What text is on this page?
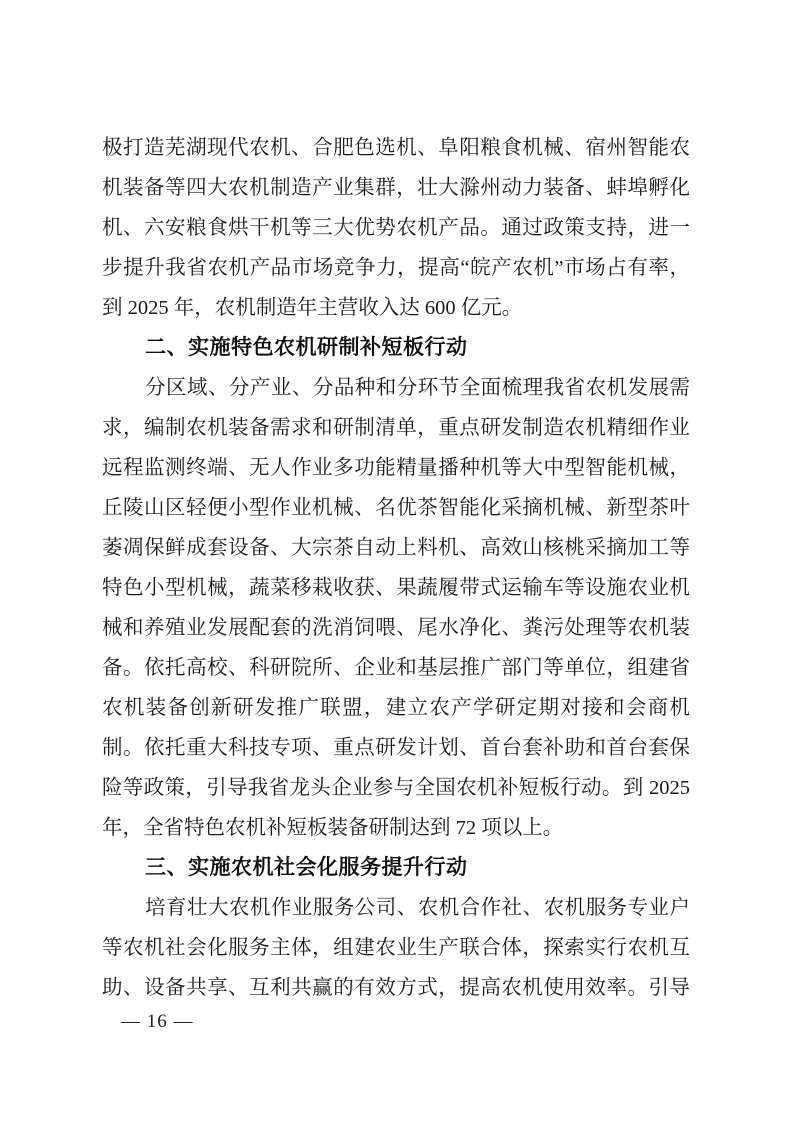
极打造芜湖现代农机、合肥色选机、阜阳粮食机械、宿州智能农
机装备等四大农机制造产业集群，壮大滁州动力装备、蚌埠孵化
机、六安粮食烘干机等三大优势农机产品。通过政策支持，进一
步提升我省农机产品市场竞争力，提高“皖产农机”市场占有率，
到 2025 年，农机制造年主营收入达 600 亿元。
二、实施特色农机研制补短板行动
分区域、分产业、分品种和分环节全面梳理我省农机发展需
求，编制农机装备需求和研制清单，重点研发制造农机精细作业
远程监测终端、无人作业多功能精量播种机等大中型智能机械，
丘陵山区轻便小型作业机械、名优茶智能化采摘机械、新型茶叶
萎凋保鲜成套设备、大宗茶自动上料机、高效山核桃采摘加工等
特色小型机械，蔬菜移栽收获、果蔬履带式运输车等设施农业机
械和养殖业发展配套的洗消饲喂、尾水净化、粪污处理等农机装
备。依托高校、科研院所、企业和基层推广部门等单位，组建省
农机装备创新研发推广联盟，建立农产学研定期对接和会商机
制。依托重大科技专项、重点研发计划、首台套补助和首台套保
险等政策，引导我省龙头企业参与全国农机补短板行动。到 2025
年，全省特色农机补短板装备研制达到 72 项以上。
三、实施农机社会化服务提升行动
培育壮大农机作业服务公司、农机合作社、农机服务专业户
等农机社会化服务主体，组建农业生产联合体，探索实行农机互
助、设备共享、互利共赢的有效方式，提高农机使用效率。引导
— 16 —
